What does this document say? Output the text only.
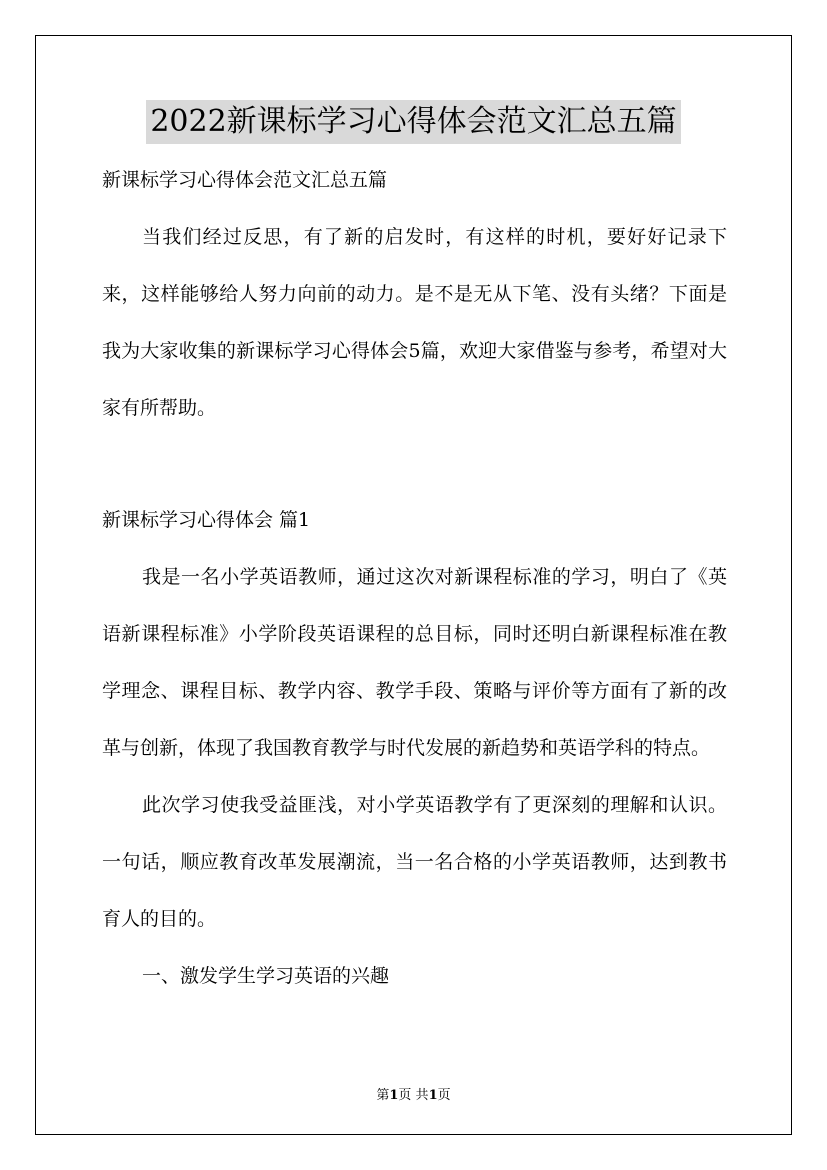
2022新课标学习心得体会范文汇总五篇

新课标学习心得体会范文汇总五篇

当我们经过反思，有了新的启发时，有这样的时机，要好好记录下来，这样能够给人努力向前的动力。是不是无从下笔、没有头绪？下面是我为大家收集的新课标学习心得体会5篇，欢迎大家借鉴与参考，希望对大家有所帮助。

新课标学习心得体会 篇1

我是一名小学英语教师，通过这次对新课程标准的学习，明白了《英语新课程标准》小学阶段英语课程的总目标，同时还明白新课程标准在教学理念、课程目标、教学内容、教学手段、策略与评价等方面有了新的改革与创新，体现了我国教育教学与时代发展的新趋势和英语学科的特点。

此次学习使我受益匪浅，对小学英语教学有了更深刻的理解和认识。一句话，顺应教育改革发展潮流，当一名合格的小学英语教师，达到教书育人的目的。

一、激发学生学习英语的兴趣

第1页 共1页
